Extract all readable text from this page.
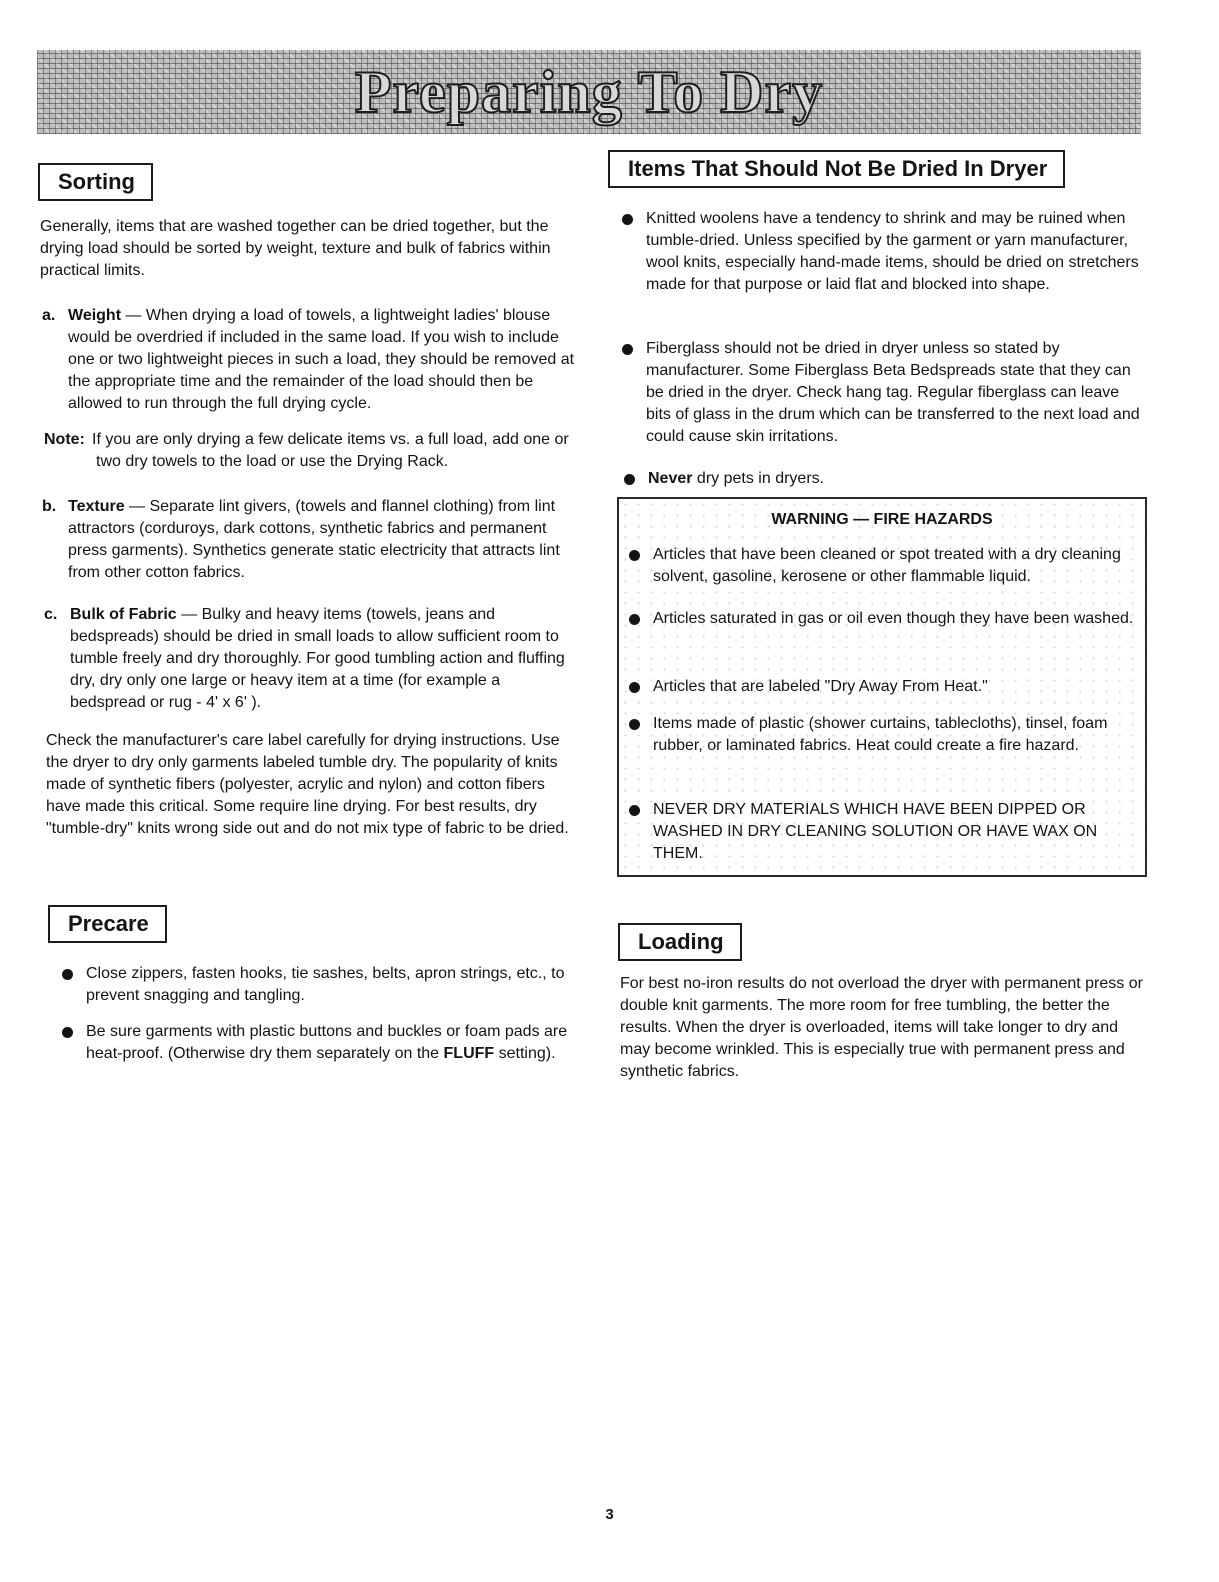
Preparing To Dry
Sorting

Generally, items that are washed together can be dried together, but the drying load should be sorted by weight, texture and bulk of fabrics within practical limits.

a. Weight — When drying a load of towels, a lightweight ladies' blouse would be overdried if included in the same load. If you wish to include one or two lightweight pieces in such a load, they should be removed at the appropriate time and the remainder of the load should then be allowed to run through the full drying cycle.
Note: If you are only drying a few delicate items vs. a full load, add one or two dry towels to the load or use the Drying Rack.
b. Texture — Separate lint givers, (towels and flannel clothing) from lint attractors (corduroys, dark cottons, synthetic fabrics and permanent press garments). Synthetics generate static electricity that attracts lint from other cotton fabrics.
c. Bulk of Fabric — Bulky and heavy items (towels, jeans and bedspreads) should be dried in small loads to allow sufficient room to tumble freely and dry thoroughly. For good tumbling action and fluffing dry, dry only one large or heavy item at a time (for example a bedspread or rug - 4' x 6' ).

Check the manufacturer's care label carefully for drying instructions. Use the dryer to dry only garments labeled tumble dry. The popularity of knits made of synthetic fibers (polyester, acrylic and nylon) and cotton fibers have made this critical. Some require line drying. For best results, dry "tumble-dry" knits wrong side out and do not mix type of fabric to be dried.

Precare
Close zippers, fasten hooks, tie sashes, belts, apron strings, etc., to prevent snagging and tangling.
Be sure garments with plastic buttons and buckles or foam pads are heat-proof. (Otherwise dry them separately on the FLUFF setting).
Items That Should Not Be Dried In Dryer
Knitted woolens have a tendency to shrink and may be ruined when tumble-dried. Unless specified by the garment or yarn manufacturer, wool knits, especially hand-made items, should be dried on stretchers made for that purpose or laid flat and blocked into shape.
Fiberglass should not be dried in dryer unless so stated by manufacturer. Some Fiberglass Beta Bedspreads state that they can be dried in the dryer. Check hang tag. Regular fiberglass can leave bits of glass in the drum which can be transferred to the next load and could cause skin irritations.
Never dry pets in dryers.
WARNING — FIRE HAZARDS
Articles that have been cleaned or spot treated with a dry cleaning solvent, gasoline, kerosene or other flammable liquid.
Articles saturated in gas or oil even though they have been washed.
Articles that are labeled "Dry Away From Heat."
Items made of plastic (shower curtains, tablecloths), tinsel, foam rubber, or laminated fabrics. Heat could create a fire hazard.
NEVER DRY MATERIALS WHICH HAVE BEEN DIPPED OR WASHED IN DRY CLEANING SOLUTION OR HAVE WAX ON THEM.
Loading

For best no-iron results do not overload the dryer with permanent press or double knit garments. The more room for free tumbling, the better the results. When the dryer is overloaded, items will take longer to dry and may become wrinkled. This is especially true with permanent press and synthetic fabrics.

3
